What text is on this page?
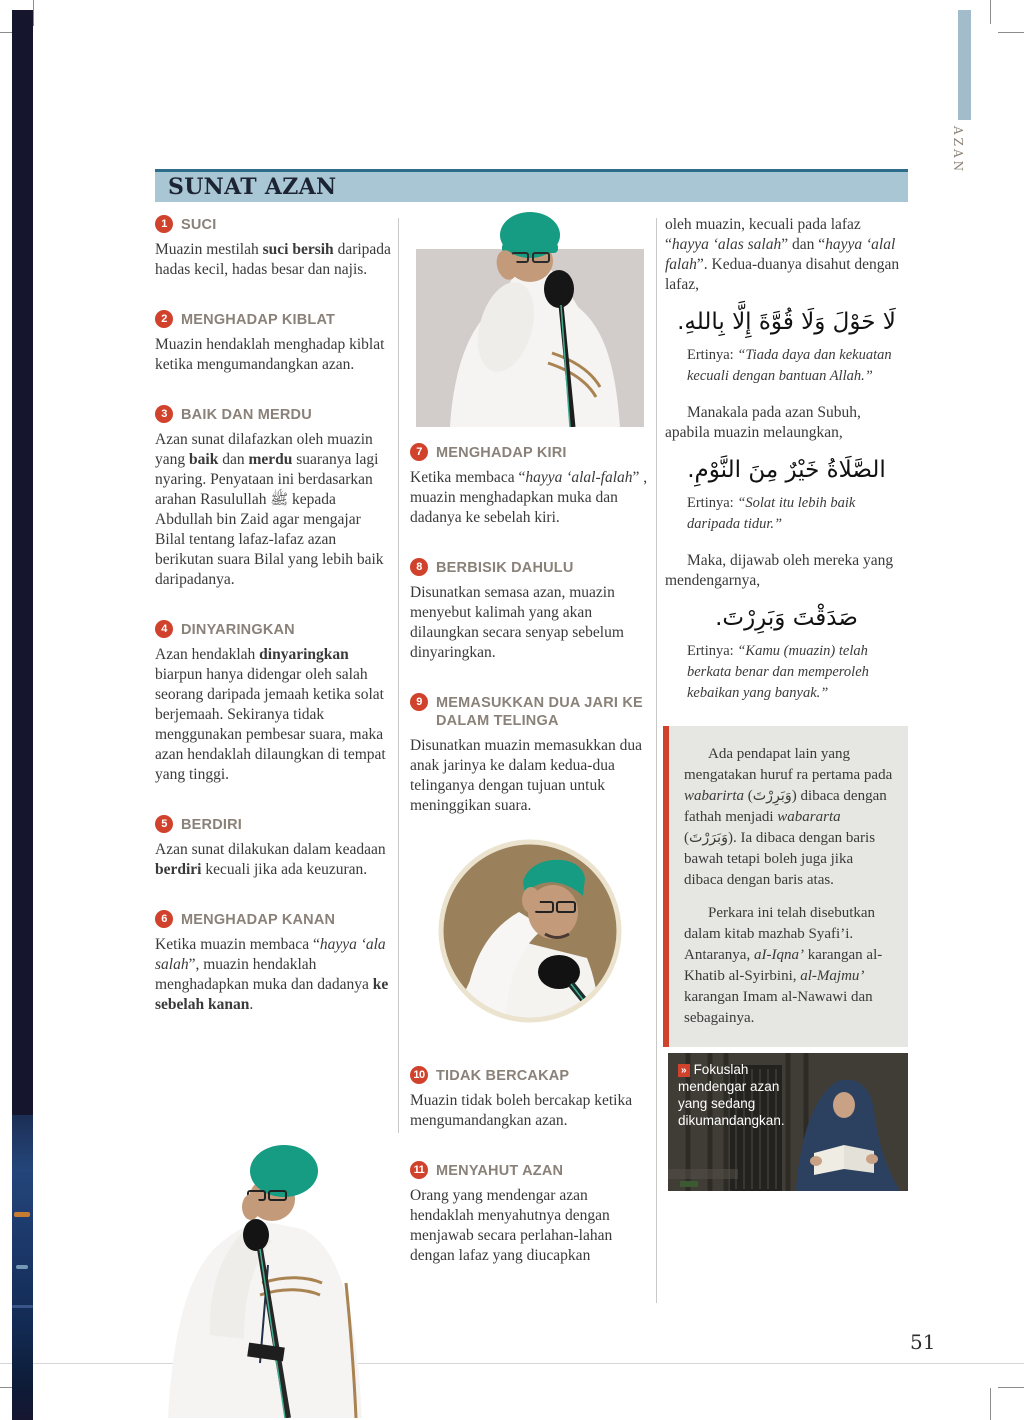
AZAN
SUNAT AZAN
1 SUCI

Muazin mestilah suci bersih daripada hadas kecil, hadas besar dan najis.

2 MENGHADAP KIBLAT

Muazin hendaklah menghadap kiblat ketika mengumandangkan azan.

3 BAIK DAN MERDU

Azan sunat dilafazkan oleh muazin yang baik dan merdu suaranya lagi nyaring. Penyataan ini berdasarkan arahan Rasulullah ﷺ kepada Abdullah bin Zaid agar mengajar Bilal tentang lafaz-lafaz azan berikutan suara Bilal yang lebih baik daripadanya.

4 DINYARINGKAN

Azan hendaklah dinyaringkan biarpun hanya didengar oleh salah seorang daripada jemaah ketika solat berjemaah. Sekiranya tidak menggunakan pembesar suara, maka azan hendaklah dilaungkan di tempat yang tinggi.

5 BERDIRI

Azan sunat dilakukan dalam keadaan berdiri kecuali jika ada keuzuran.

6 MENGHADAP KANAN

Ketika muazin membaca “hayya ‘ala salah”, muazin hendaklah menghadapkan muka dan dadanya ke sebelah kanan.

7 MENGHADAP KIRI

Ketika membaca “hayya ‘alal-falah” , muazin menghadapkan muka dan dadanya ke sebelah kiri.

8 BERBISIK DAHULU

Disunatkan semasa azan, muazin menyebut kalimah yang akan dilaungkan secara senyap sebelum dinyaringkan.

9 MEMASUKKAN DUA JARI KE DALAM TELINGA

Disunatkan muazin memasukkan dua anak jarinya ke dalam kedua-dua telinganya dengan tujuan untuk meninggikan suara.

10 TIDAK BERCAKAP

Muazin tidak boleh bercakap ketika mengumandangkan azan.

11 MENYAHUT AZAN

Orang yang mendengar azan hendaklah menyahutnya dengan menjawab secara perlahan-lahan dengan lafaz yang diucapkan

oleh muazin, kecuali pada lafaz “hayya ‘alas salah” dan “hayya ‘alal falah”. Kedua-duanya disahut dengan lafaz,

لَا حَوْلَ وَلَا قُوَّةَ إِلَّا بِاللهِ.

Ertinya: “Tiada daya dan kekuatan kecuali dengan bantuan Allah.”

Manakala pada azan Subuh, apabila muazin melaungkan,

الصَّلَاةُ خَيْرٌ مِنَ النَّوْمِ.

Ertinya: “Solat itu lebih baik daripada tidur.”

Maka, dijawab oleh mereka yang mendengarnya,

صَدَقْتَ وَبَرِرْتَ.

Ertinya: “Kamu (muazin) telah berkata benar dan memperoleh kebaikan yang banyak.”

Ada pendapat lain yang mengatakan huruf ra pertama pada wabarirta (وَبَرِرْتَ) dibaca dengan fathah menjadi wabararta (وَبَرَرْتَ). Ia dibaca dengan baris bawah tetapi boleh juga jika dibaca dengan baris atas.

Perkara ini telah disebutkan dalam kitab mazhab Syafi’i. Antaranya, aI-Iqna’ karangan al-Khatib al-Syirbini, al-Majmu’ karangan Imam al-Nawawi dan sebagainya.

» Fokuslah mendengar azan yang sedang dikumandangkan.
51
